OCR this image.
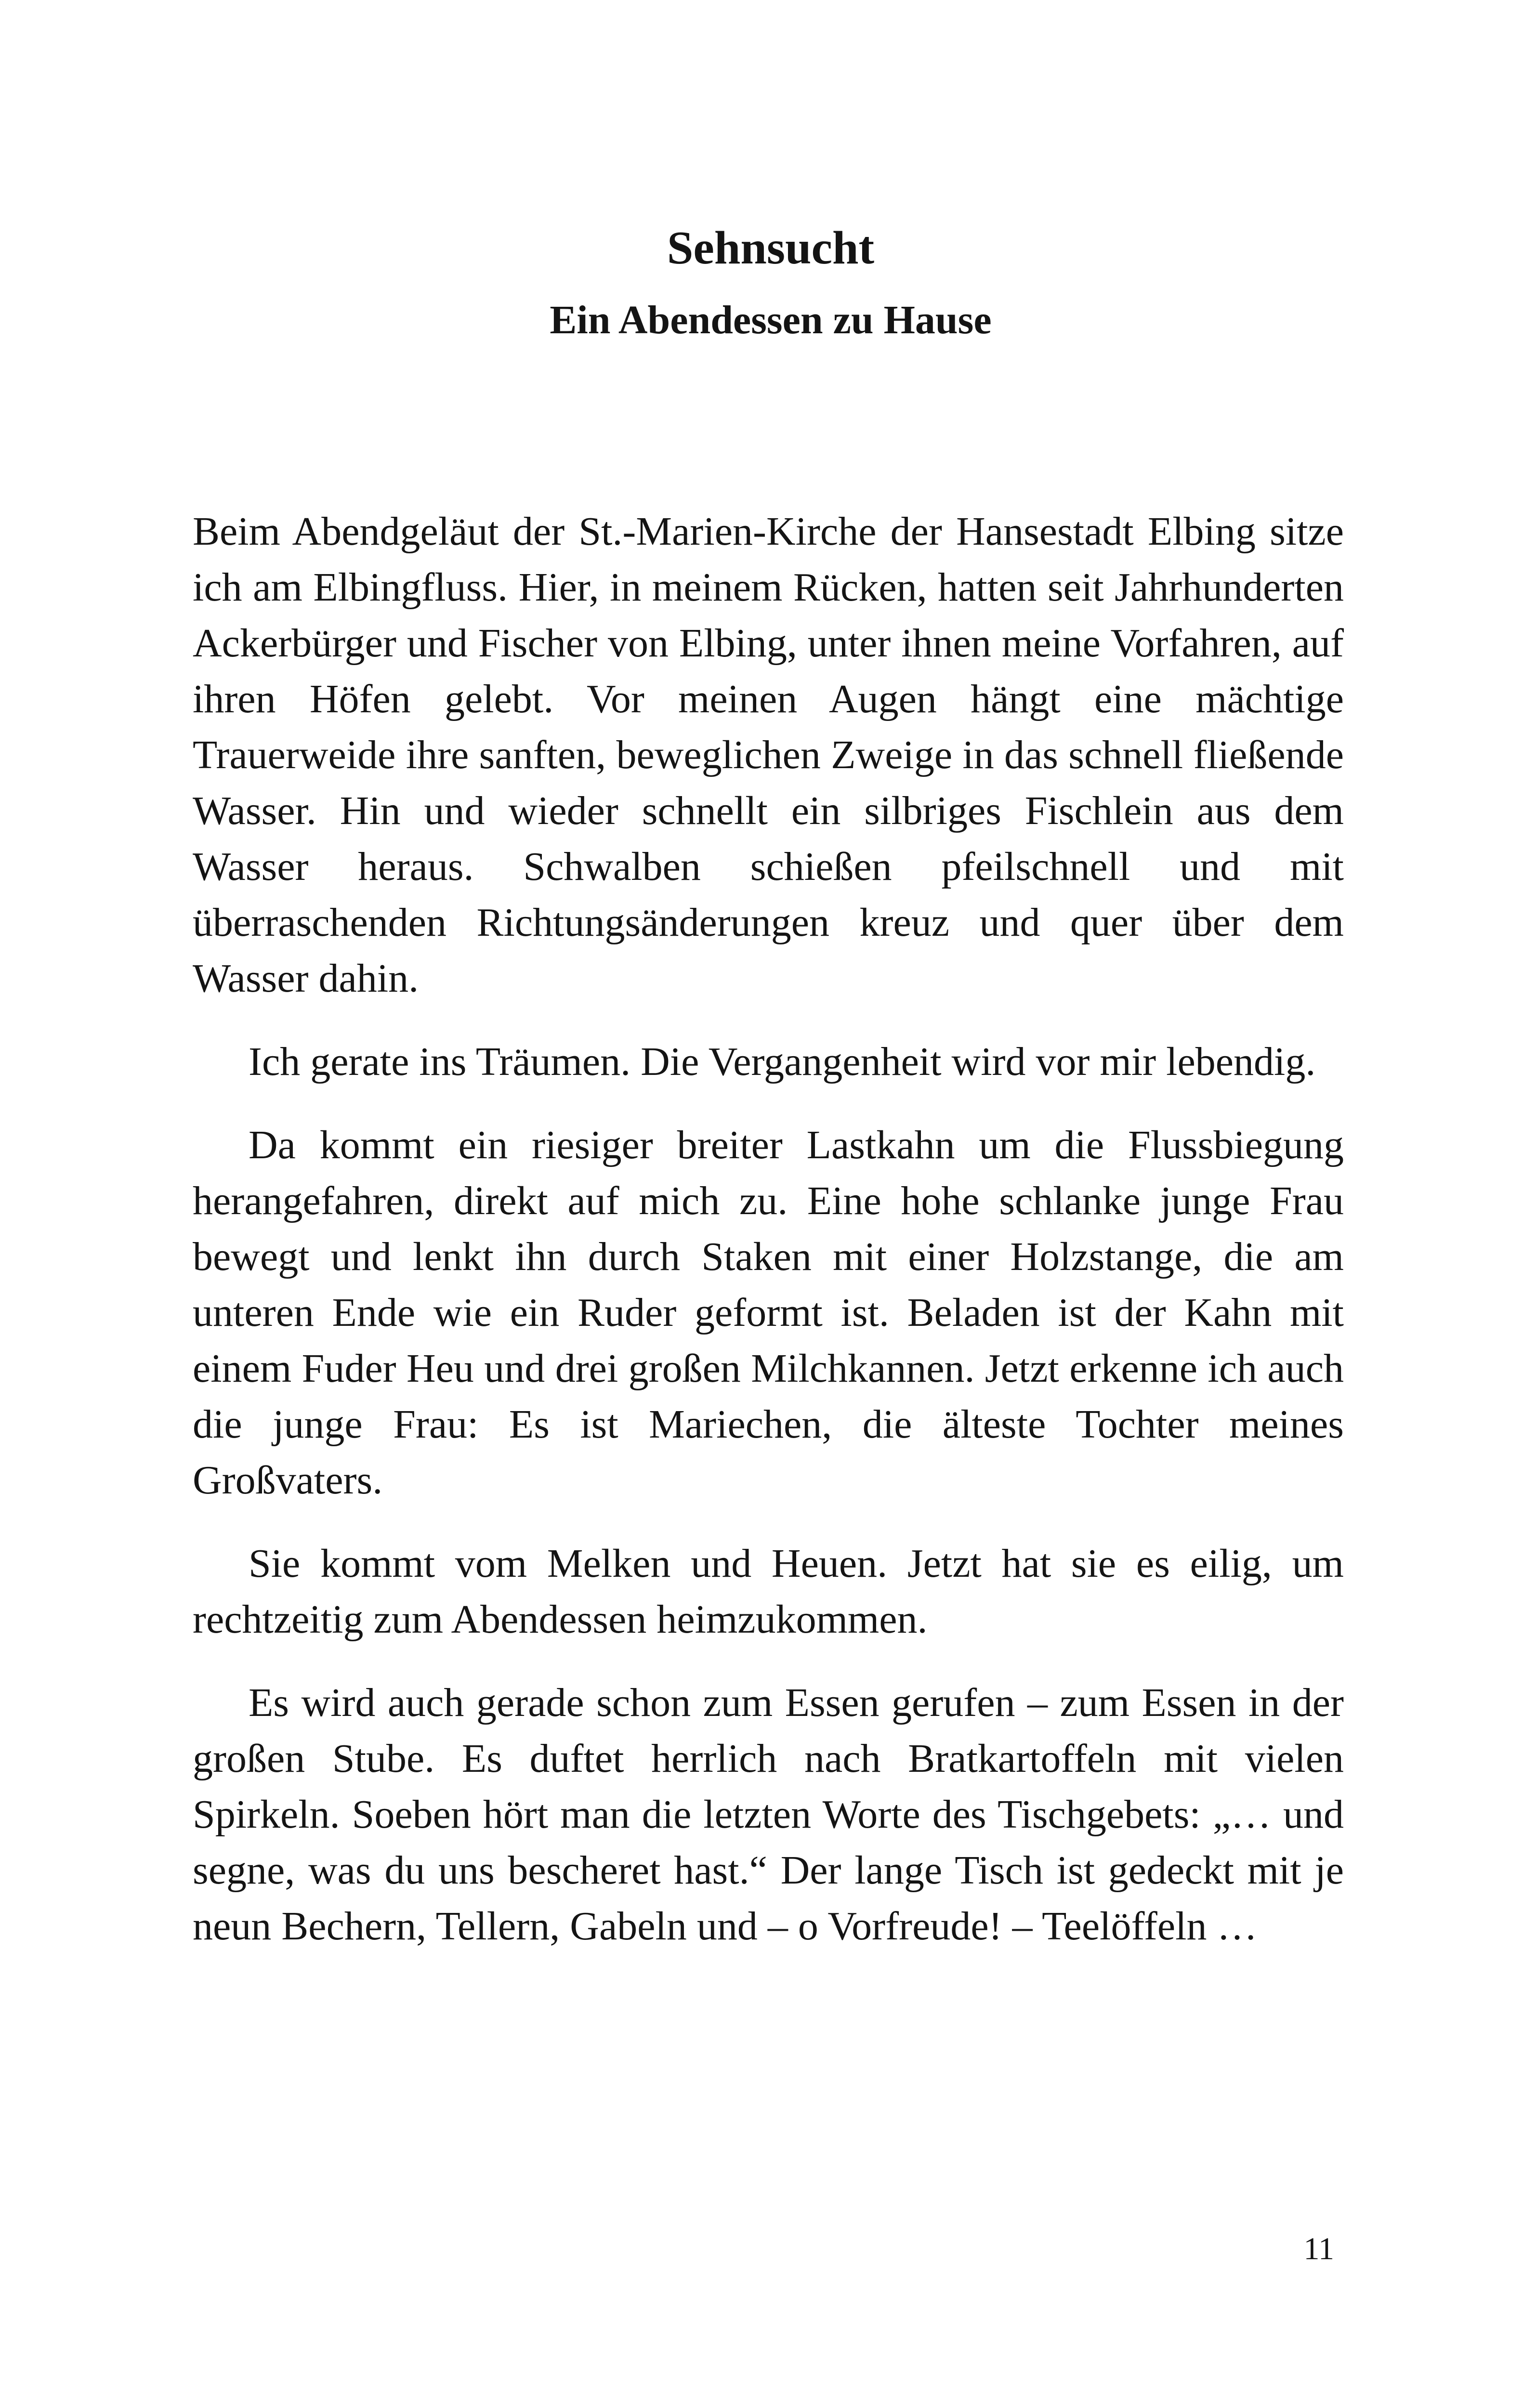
Sehnsucht
Ein Abendessen zu Hause

Beim Abendgeläut der St.-Marien-Kirche der Hansestadt Elbing sitze ich am Elbingfluss. Hier, in meinem Rücken, hatten seit Jahrhunderten Ackerbürger und Fischer von Elbing, unter ihnen meine Vorfahren, auf ihren Höfen gelebt. Vor meinen Augen hängt eine mächtige Trauerweide ihre sanften, beweglichen Zweige in das schnell fließende Wasser. Hin und wieder schnellt ein silbriges Fischlein aus dem Wasser heraus. Schwalben schießen pfeilschnell und mit überraschenden Richtungsänderungen kreuz und quer über dem Wasser dahin.

Ich gerate ins Träumen. Die Vergangenheit wird vor mir lebendig.

Da kommt ein riesiger breiter Lastkahn um die Flussbiegung herangefahren, direkt auf mich zu. Eine hohe schlanke junge Frau bewegt und lenkt ihn durch Staken mit einer Holzstange, die am unteren Ende wie ein Ruder geformt ist. Beladen ist der Kahn mit einem Fuder Heu und drei großen Milchkannen. Jetzt erkenne ich auch die junge Frau: Es ist Mariechen, die älteste Tochter meines Großvaters.

Sie kommt vom Melken und Heuen. Jetzt hat sie es eilig, um rechtzeitig zum Abendessen heimzukommen.

Es wird auch gerade schon zum Essen gerufen – zum Essen in der großen Stube. Es duftet herrlich nach Bratkartoffeln mit vielen Spirkeln. Soeben hört man die letzten Worte des Tischgebets: „… und segne, was du uns bescheret hast.“ Der lange Tisch ist gedeckt mit je neun Bechern, Tellern, Gabeln und – o Vorfreude! – Teelöffeln …

11
